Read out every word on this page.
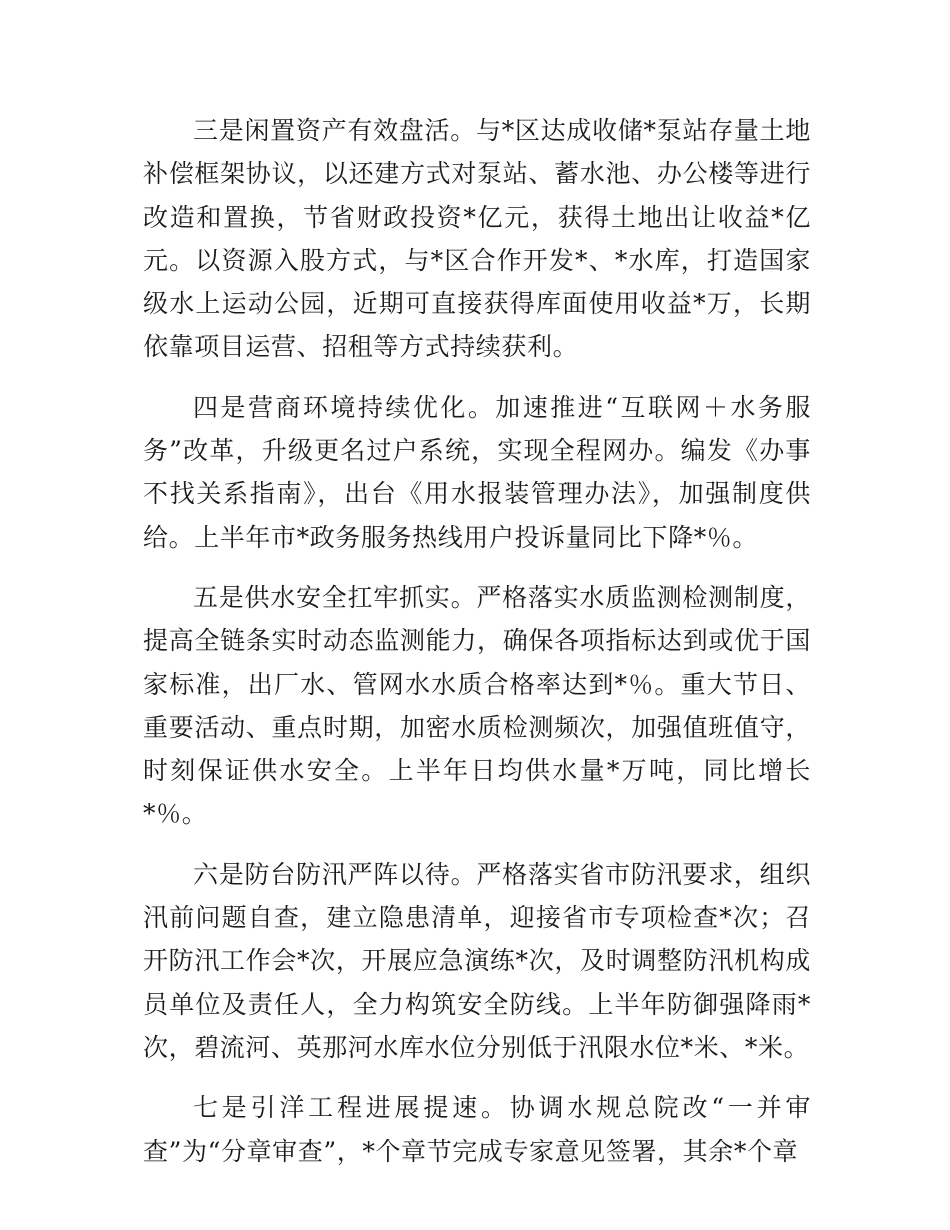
三是闲置资产有效盘活。与*区达成收储*泵站存量土地补偿框架协议，以还建方式对泵站、蓄水池、办公楼等进行改造和置换，节省财政投资*亿元，获得土地出让收益*亿元。以资源入股方式，与*区合作开发*、*水库，打造国家级水上运动公园，近期可直接获得库面使用收益*万，长期依靠项目运营、招租等方式持续获利。

四是营商环境持续优化。加速推进“互联网＋水务服务”改革，升级更名过户系统，实现全程网办。编发《办事不找关系指南》，出台《用水报装管理办法》，加强制度供给。上半年市*政务服务热线用户投诉量同比下降*％。

五是供水安全扛牢抓实。严格落实水质监测检测制度，提高全链条实时动态监测能力，确保各项指标达到或优于国家标准，出厂水、管网水水质合格率达到*％。重大节日、重要活动、重点时期，加密水质检测频次，加强值班值守，时刻保证供水安全。上半年日均供水量*万吨，同比增长*％。

六是防台防汛严阵以待。严格落实省市防汛要求，组织汛前问题自查，建立隐患清单，迎接省市专项检查*次；召开防汛工作会*次，开展应急演练*次，及时调整防汛机构成员单位及责任人，全力构筑安全防线。上半年防御强降雨*次，碧流河、英那河水库水位分别低于汛限水位*米、*米。

七是引洋工程进展提速。协调水规总院改“一并审查”为“分章审查”，*个章节完成专家意见签署，其余*个章
